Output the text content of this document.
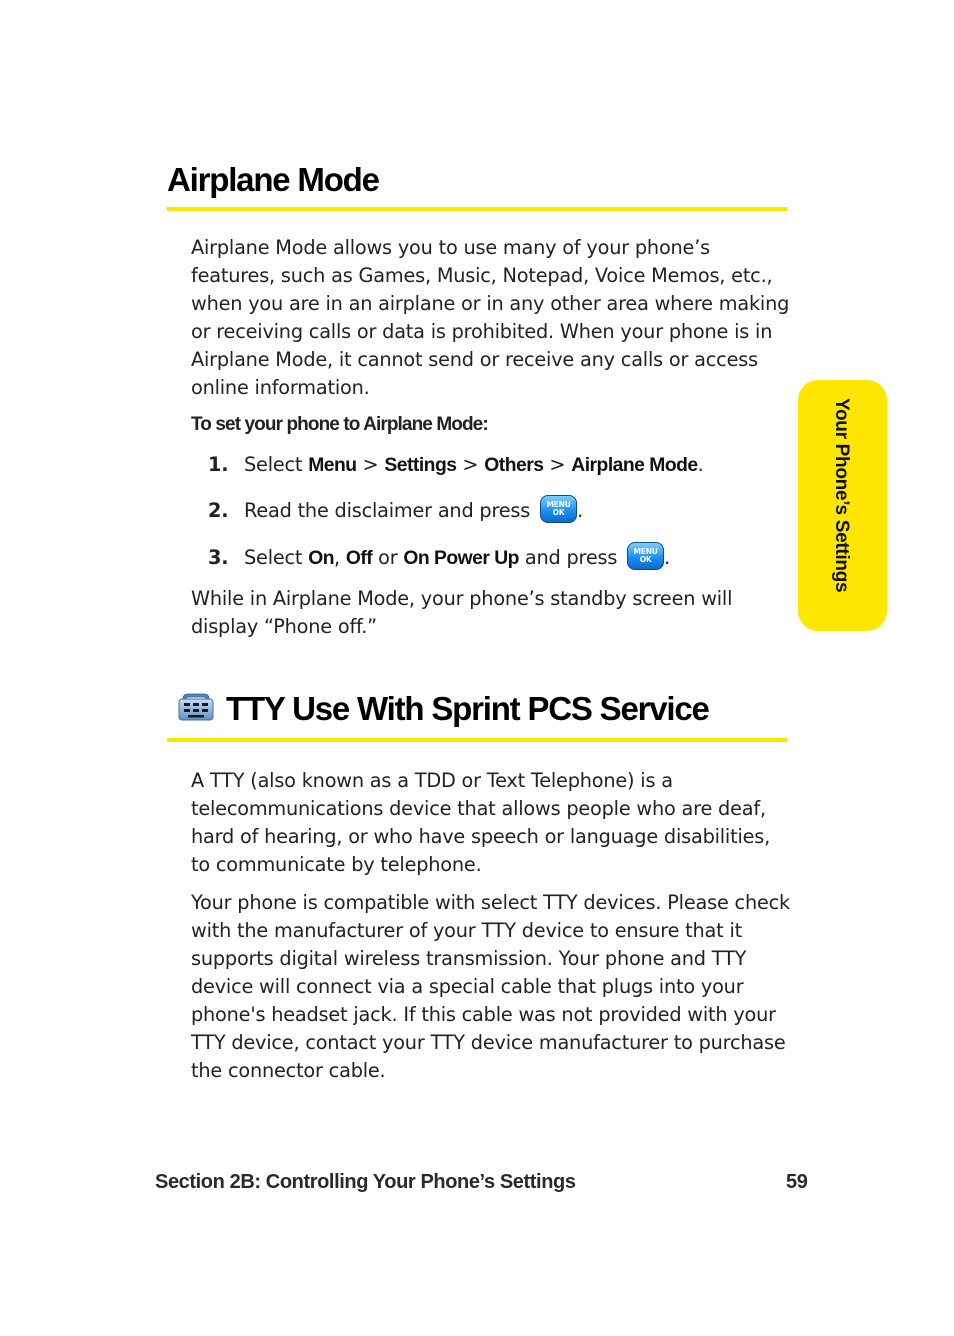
Airplane Mode

Airplane Mode allows you to use many of your phone’s features, such as Games, Music, Notepad, Voice Memos, etc., when you are in an airplane or in any other area where making or receiving calls or data is prohibited. When your phone is in Airplane Mode, it cannot send or receive any calls or access online information.

To set your phone to Airplane Mode:
1. Select Menu > Settings > Others > Airplane Mode.
2. Read the disclaimer and press MENU
OK .
3. Select On, Off or On Power Up and press MENU
OK .

While in Airplane Mode, your phone’s standby screen will display “Phone off.”

TTY Use With Sprint PCS Service

A TTY (also known as a TDD or Text Telephone) is a telecommunications device that allows people who are deaf, hard of hearing, or who have speech or language disabilities, to communicate by telephone.

Your phone is compatible with select TTY devices. Please check with the manufacturer of your TTY device to ensure that it supports digital wireless transmission. Your phone and TTY device will connect via a special cable that plugs into your phone's headset jack. If this cable was not provided with your TTY device, contact your TTY device manufacturer to purchase the connector cable.

Your Phone’s Settings
Section 2B: Controlling Your Phone’s Settings	59
